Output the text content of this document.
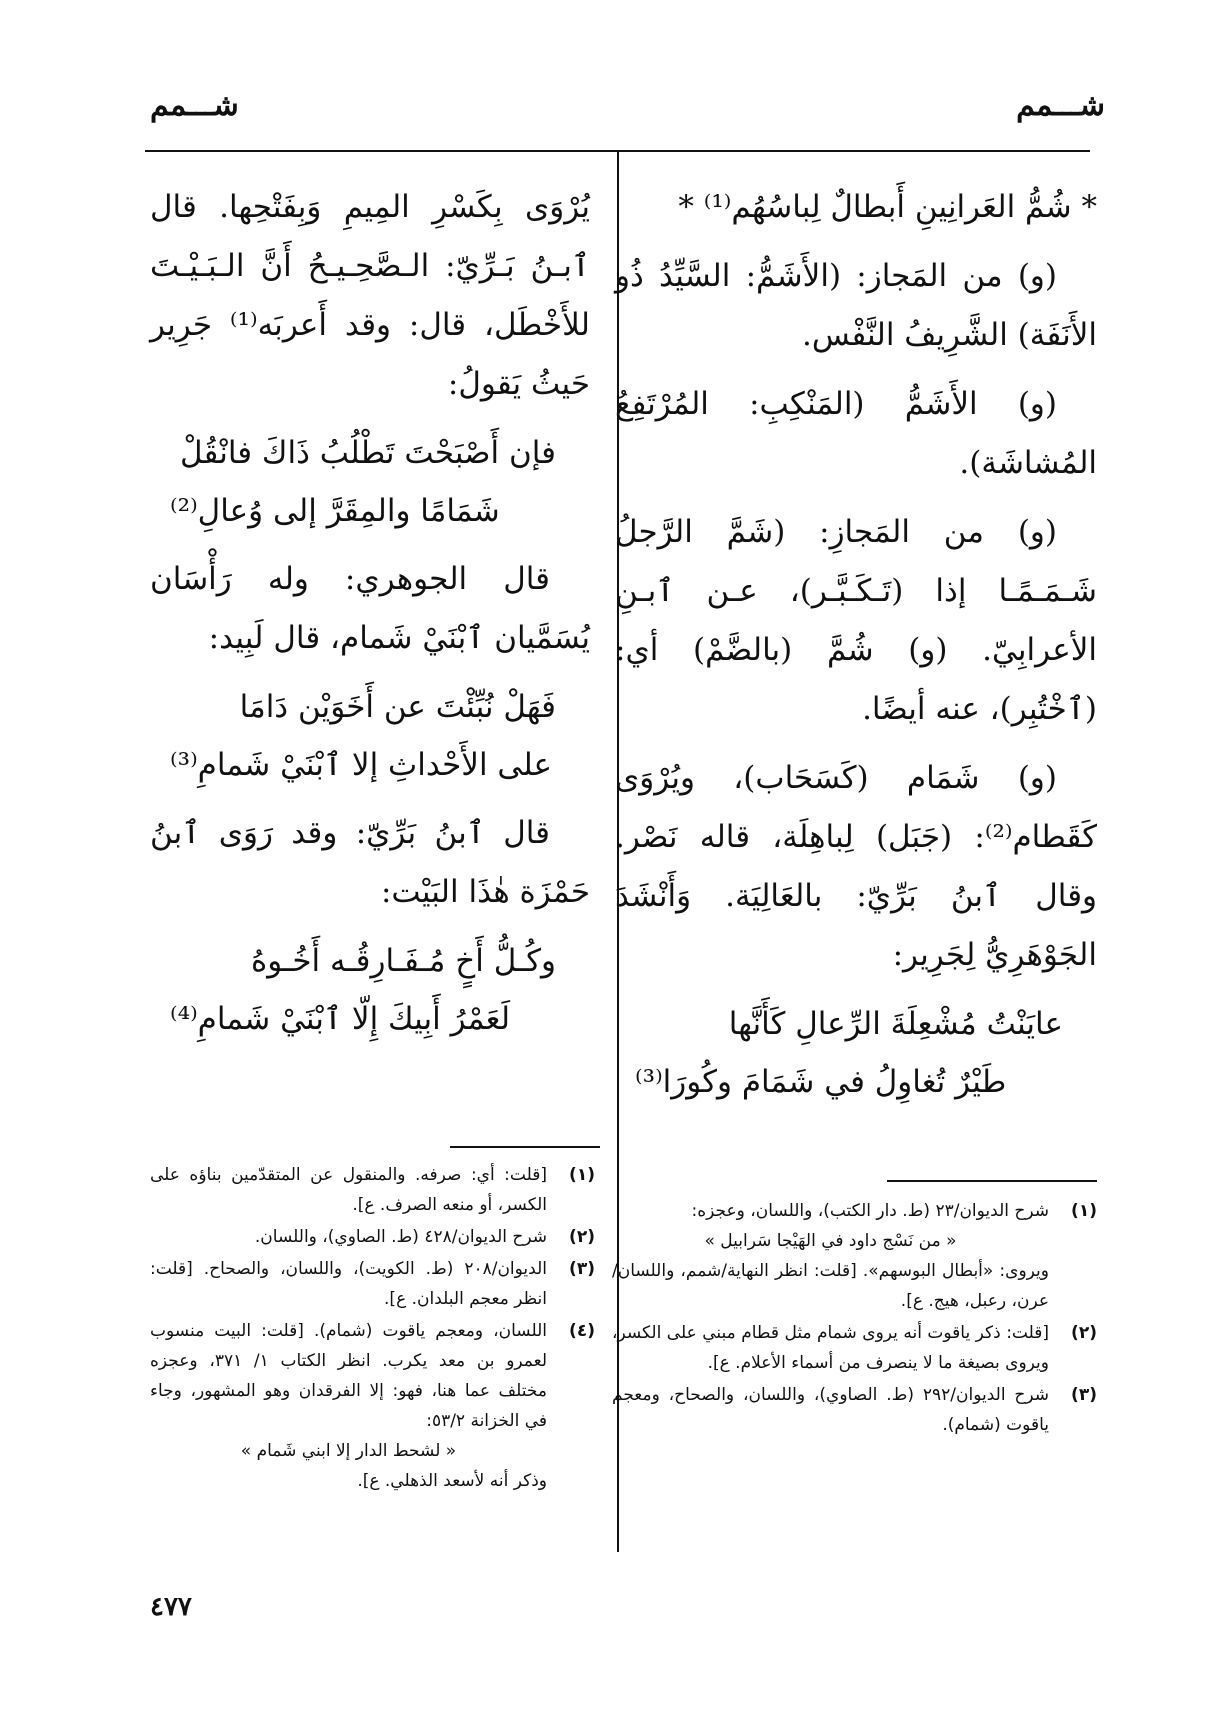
شـــمم
شـــمم

* شُمُّ العَرانِينِ أَبطالٌ لِباسُهُم⁽¹⁾ *

(و) من المَجاز: (الأَشَمُّ: السَّيِّدُ ذُو الأَنَفَة) الشَّرِيفُ النَّفْس.

(و) الأَشَمُّ (المَنْكِبِ: المُرْتَفِعُ المُشاشَة).

(و) من المَجازِ: (شَمَّ الرَّجلُ شَـمَـمًـا إذا (تَـكَـبَّـر)، عـن ٱبـنِ الأعرابِيّ. (و) شُمَّ (بالضَّمْ) أي: (ٱخْتُبِر)، عنه أيضًا.

(و) شَمَام (كَسَحَاب)، ويُرْوَى كَقَطام⁽²⁾: (جَبَل) لِباهِلَة، قاله نَصْر. وقال ٱبنُ بَرِّيّ: بالعَالِيَة. وَأَنْشَدَ الجَوْهَرِيُّ لِجَرِير:

عايَنْتُ مُشْعِلَةَ الرِّعالِ كَأَنَّها
طَيْرٌ تُغاوِلُ في شَمَامَ وكُورَا⁽³⁾

يُرْوَى بِكَسْرِ المِيمِ وَبِفَتْحِها. قال ٱبـنُ بَـرِّيّ: الـصَّحِـيـحُ أَنَّ الـبَـيْـتَ للأَخْطَل، قال: وقد أَعربَه⁽¹⁾ جَرِير حَيثُ يَقولُ:

فإن أَصْبَحْتَ تَطْلُبُ ذَاكَ فانْقُلْ
شَمَامًا والمِقَرَّ إلى وُعالِ⁽²⁾

قال الجوهري: وله رَأْسَان يُسَمَّيان ٱبْنَيْ شَمام، قال لَبِيد:

فَهَلْ نُبِّئْتَ عن أَخَوَيْن دَامَا
على الأَحْداثِ إلا ٱبْنَيْ شَمامِ⁽³⁾

قال ٱبنُ بَرِّيّ: وقد رَوَى ٱبنُ حَمْزَة هٰذَا البَيْت:

وكُـلُّ أَخٍ مُـفَـارِقُـه أَخُـوهُ
لَعَمْرُ أَبِيكَ إِلّا ٱبْنَيْ شَمامِ⁽⁴⁾
(١)
شرح الديوان/٢٣ (ط. دار الكتب)، واللسان، وعجزه:
« من نَسْج داود في الهَيْجا سَرابيل »
ويروى: «أبطال البوسهم». [قلت: انظر النهاية/شمم، واللسان/عرن، رعبل، هيج. ع].
(٢)
[قلت: ذكر ياقوت أنه يروى شمام مثل قطام مبني على الكسر، ويروى بصيغة ما لا ينصرف من أسماء الأعلام. ع].
(٣)
شرح الديوان/٢٩٢ (ط. الصاوي)، واللسان، والصحاح، ومعجم ياقوت (شمام).
(١)
[قلت: أي: صرفه. والمنقول عن المتقدّمين بناؤه على الكسر، أو منعه الصرف. ع].
(٢)
شرح الديوان/٤٢٨ (ط. الصاوي)، واللسان.
(٣)
الديوان/٢٠٨ (ط. الكويت)، واللسان، والصحاح. [قلت: انظر معجم البلدان. ع].
(٤)
اللسان، ومعجم ياقوت (شمام). [قلت: البيت منسوب لعمرو بن معد يكرب. انظر الكتاب ١/ ٣٧١، وعجزه مختلف عما هنا، فهو: إلا الفرقدان وهو المشهور، وجاء في الخزانة ٥٣/٢:
« لشحط الدار إلا ابني شَمام »
وذكر أنه لأسعد الذهلي. ع].
٤٧٧
